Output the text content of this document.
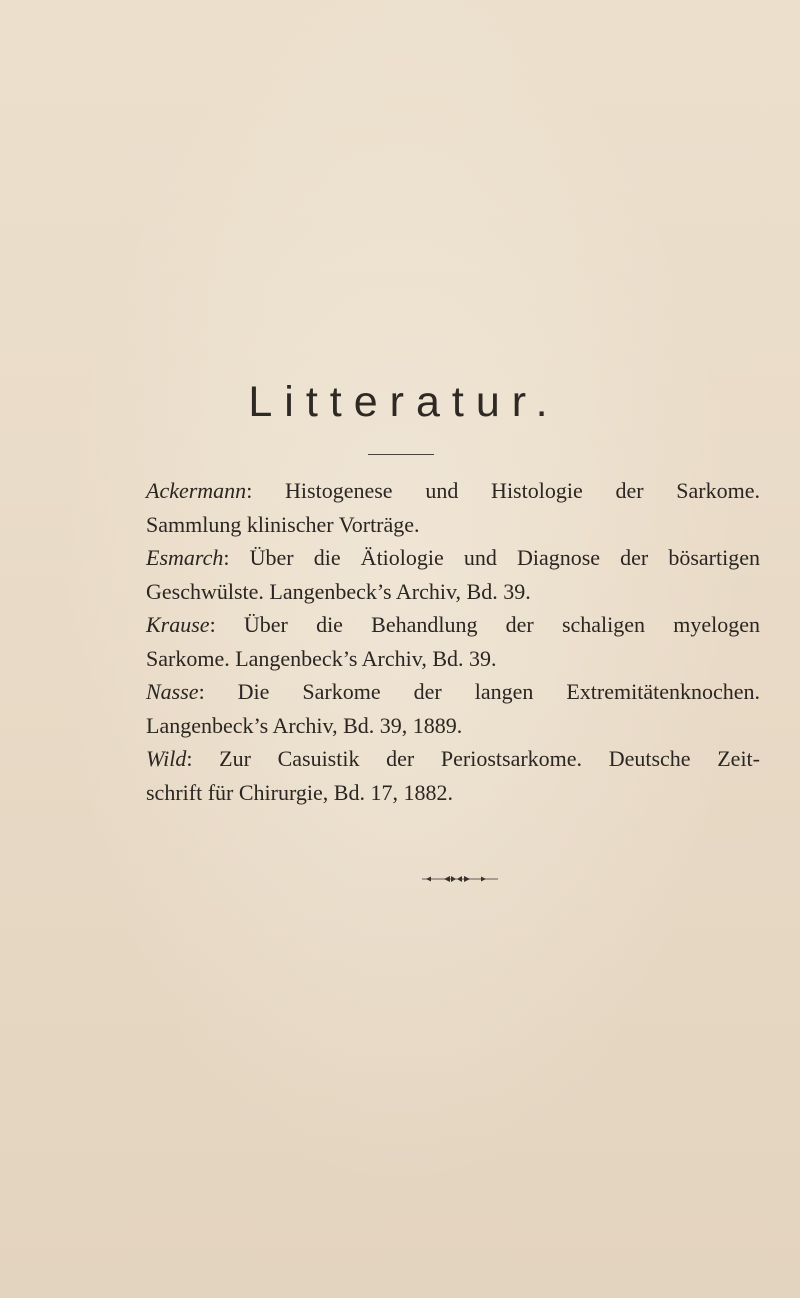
Litteratur.
Ackermann: Histogenese und Histologie der Sarkome.
Sammlung klinischer Vorträge.
Esmarch: Über die Ätiologie und Diagnose der bösartigen
Geschwülste. Langenbeck’s Archiv, Bd. 39.
Krause: Über die Behandlung der schaligen myelogen
Sarkome. Langenbeck’s Archiv, Bd. 39.
Nasse: Die Sarkome der langen Extremitätenknochen.
Langenbeck’s Archiv, Bd. 39, 1889.
Wild: Zur Casuistik der Periostsarkome. Deutsche Zeit-
schrift für Chirurgie, Bd. 17, 1882.
